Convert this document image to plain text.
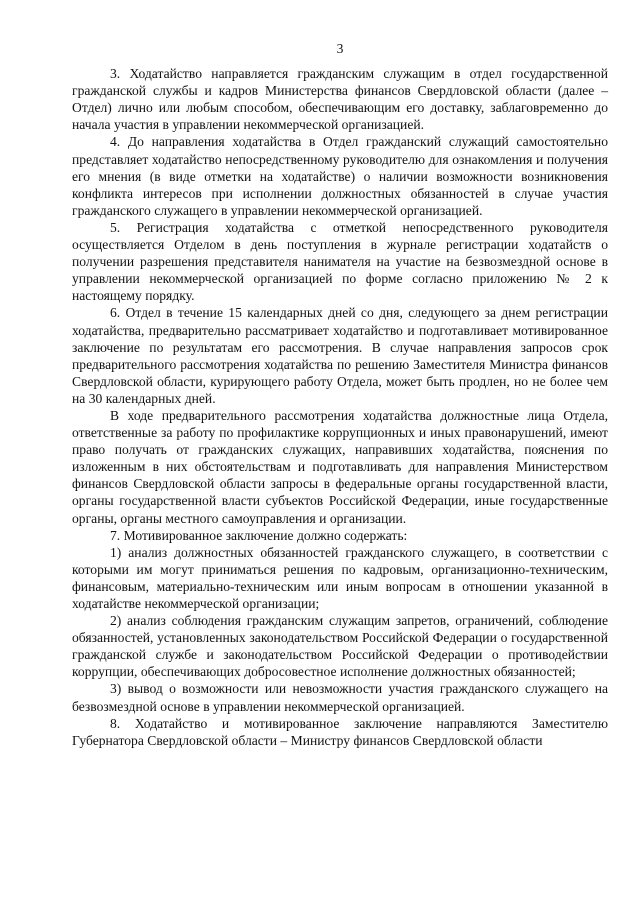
3

3. Ходатайство направляется гражданским служащим в отдел государственной гражданской службы и кадров Министерства финансов Свердловской области (далее – Отдел) лично или любым способом, обеспечивающим его доставку, заблаговременно до начала участия в управлении некоммерческой организацией.

4. До направления ходатайства в Отдел гражданский служащий самостоятельно представляет ходатайство непосредственному руководителю для ознакомления и получения его мнения (в виде отметки на ходатайстве) о наличии возможности возникновения конфликта интересов при исполнении должностных обязанностей в случае участия гражданского служащего в управлении некоммерческой организацией.

5. Регистрация ходатайства с отметкой непосредственного руководителя осуществляется Отделом в день поступления в журнале регистрации ходатайств о получении разрешения представителя нанимателя на участие на безвозмездной основе в управлении некоммерческой организацией по форме согласно приложению № 2 к настоящему порядку.

6. Отдел в течение 15 календарных дней со дня, следующего за днем регистрации ходатайства, предварительно рассматривает ходатайство и подготавливает мотивированное заключение по результатам его рассмотрения. В случае направления запросов срок предварительного рассмотрения ходатайства по решению Заместителя Министра финансов Свердловской области, курирующего работу Отдела, может быть продлен, но не более чем на 30 календарных дней.

В ходе предварительного рассмотрения ходатайства должностные лица Отдела, ответственные за работу по профилактике коррупционных и иных правонарушений, имеют право получать от гражданских служащих, направивших ходатайства, пояснения по изложенным в них обстоятельствам и подготавливать для направления Министерством финансов Свердловской области запросы в федеральные органы государственной власти, органы государственной власти субъектов Российской Федерации, иные государственные органы, органы местного самоуправления и организации.

7. Мотивированное заключение должно содержать:

1) анализ должностных обязанностей гражданского служащего, в соответствии с которыми им могут приниматься решения по кадровым, организационно-техническим, финансовым, материально-техническим или иным вопросам в отношении указанной в ходатайстве некоммерческой организации;

2) анализ соблюдения гражданским служащим запретов, ограничений, соблюдение обязанностей, установленных законодательством Российской Федерации о государственной гражданской службе и законодательством Российской Федерации о противодействии коррупции, обеспечивающих добросовестное исполнение должностных обязанностей;

3) вывод о возможности или невозможности участия гражданского служащего на безвозмездной основе в управлении некоммерческой организацией.

8. Ходатайство и мотивированное заключение направляются Заместителю Губернатора Свердловской области – Министру финансов Свердловской области
